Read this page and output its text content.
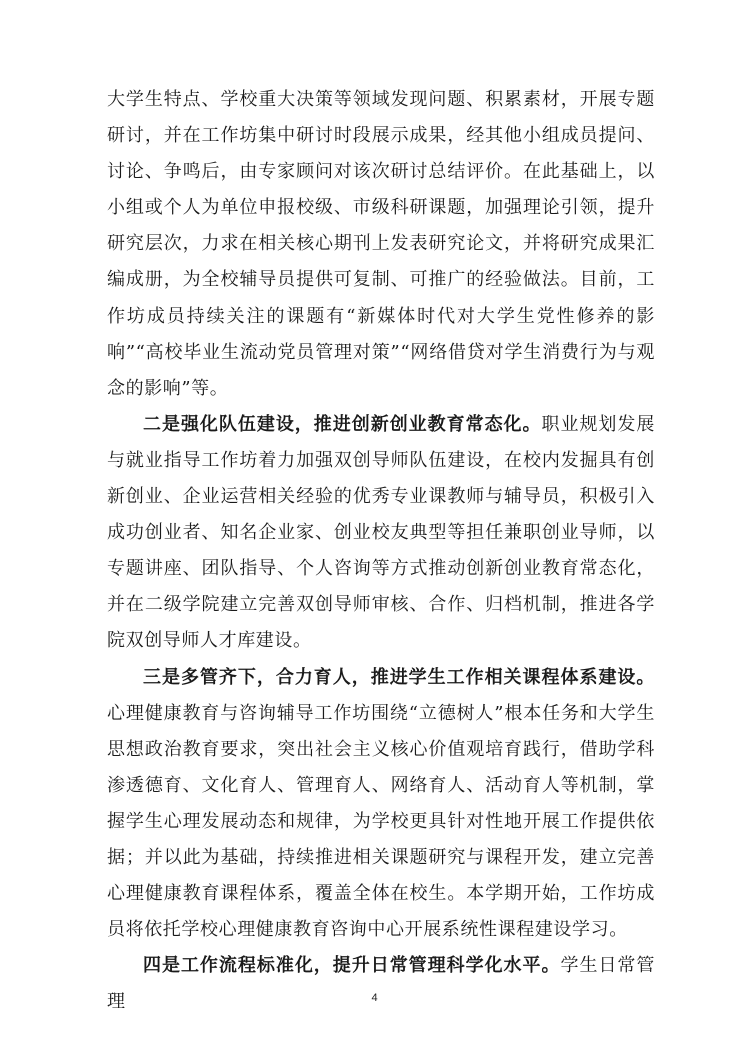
大学生特点、学校重大决策等领域发现问题、积累素材，开展专题研讨，并在工作坊集中研讨时段展示成果，经其他小组成员提问、讨论、争鸣后，由专家顾问对该次研讨总结评价。在此基础上，以小组或个人为单位申报校级、市级科研课题，加强理论引领，提升研究层次，力求在相关核心期刊上发表研究论文，并将研究成果汇编成册，为全校辅导员提供可复制、可推广的经验做法。目前，工作坊成员持续关注的课题有“新媒体时代对大学生党性修养的影响”“高校毕业生流动党员管理对策”“网络借贷对学生消费行为与观念的影响”等。

二是强化队伍建设，推进创新创业教育常态化。职业规划发展与就业指导工作坊着力加强双创导师队伍建设，在校内发掘具有创新创业、企业运营相关经验的优秀专业课教师与辅导员，积极引入成功创业者、知名企业家、创业校友典型等担任兼职创业导师，以专题讲座、团队指导、个人咨询等方式推动创新创业教育常态化，并在二级学院建立完善双创导师审核、合作、归档机制，推进各学院双创导师人才库建设。

三是多管齐下，合力育人，推进学生工作相关课程体系建设。心理健康教育与咨询辅导工作坊围绕“立德树人”根本任务和大学生思想政治教育要求，突出社会主义核心价值观培育践行，借助学科渗透德育、文化育人、管理育人、网络育人、活动育人等机制，掌握学生心理发展动态和规律，为学校更具针对性地开展工作提供依据；并以此为基础，持续推进相关课题研究与课程开发，建立完善心理健康教育课程体系，覆盖全体在校生。本学期开始，工作坊成员将依托学校心理健康教育咨询中心开展系统性课程建设学习。

四是工作流程标准化，提升日常管理科学化水平。学生日常管理	4
